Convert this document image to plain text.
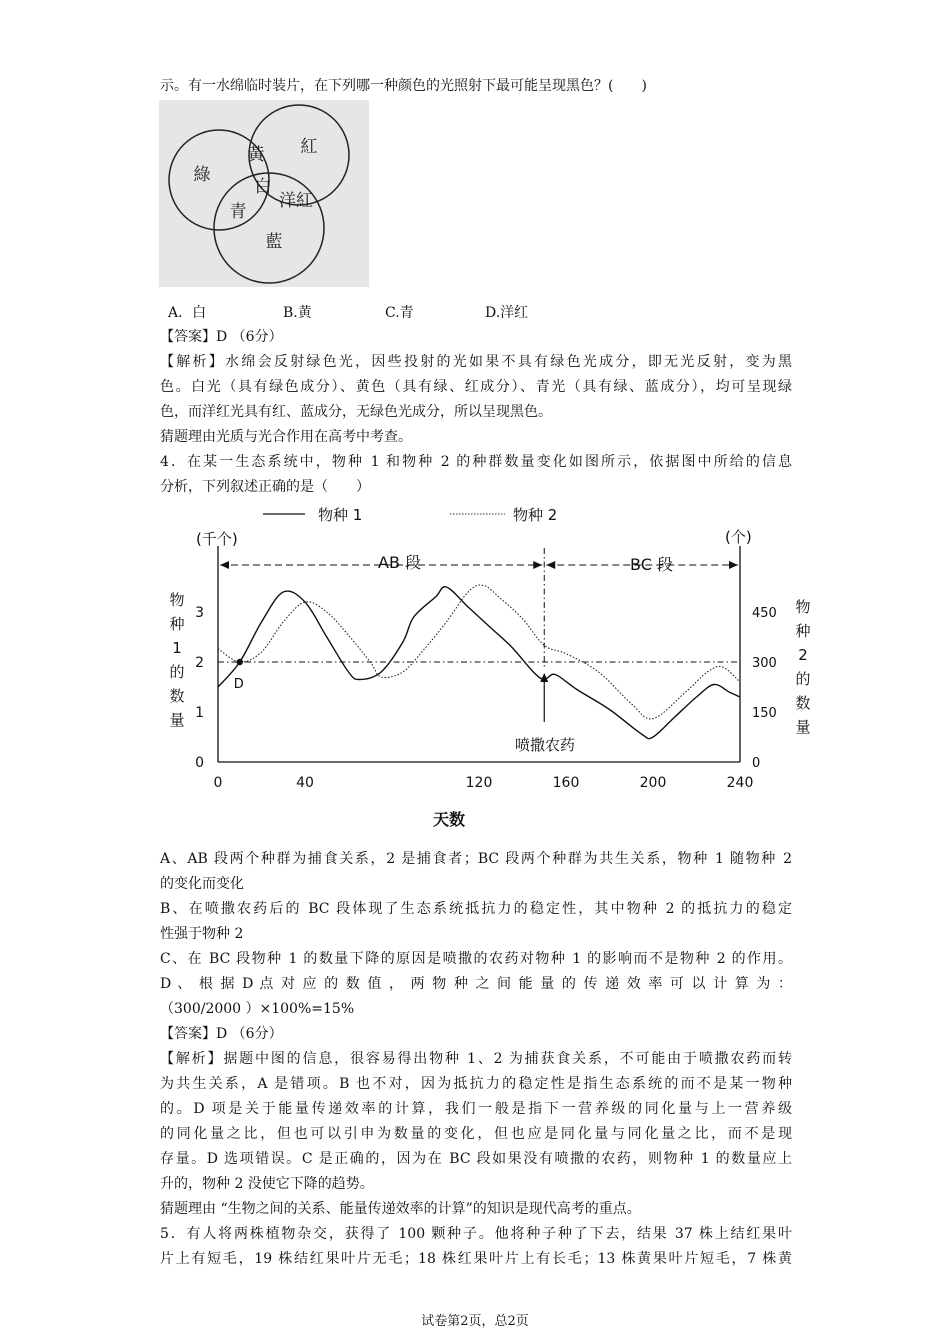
示。有一水绵临时装片，在下列哪一种颜色的光照射下最可能呈现黑色？(　　)
綠
黃 紅
白
青
洋紅
藍
A．白	B.黄	C.青	D.洋红
【答案】D （6分）
【解析】水绵会反射绿色光，因些投射的光如果不具有绿色光成分，即无光反射，变为黑
色。白光（具有绿色成分）、黄色（具有绿、红成分）、青光（具有绿、蓝成分），均可呈现绿
色，而洋红光具有红、蓝成分，无绿色光成分，所以呈现黑色。
猜题理由光质与光合作用在高考中考查。
4．在某一生态系统中，物种 1 和物种 2 的种群数量变化如图所示，依据图中所给的信息
分析，下列叙述正确的是（　　）
物种 1	物种 2
(千个)	(个)
AB 段	BC 段
喷撒农药
天数
0	40	120	160	200	240
0
1
2
3
0
150
300
450
物
种
1
的
数
量
物
种
2
的
数
量
D
A、AB 段两个种群为捕食关系，2 是捕食者；BC 段两个种群为共生关系，物种 1 随物种 2
的变化而变化
B、在喷撒农药后的 BC 段体现了生态系统抵抗力的稳定性，其中物种 2 的抵抗力的稳定
性强于物种 2
C、在 BC 段物种 1 的数量下降的原因是喷撒的农药对物种 1 的影响而不是物种 2 的作用。
D 、 根 据 D 点 对 应 的 数 值 ， 两 物 种 之 间 能 量 的 传 递 效 率 可 以 计 算 为 ：
（300/2000 ）×100%=15%
【答案】D （6分）
【解析】据题中图的信息，很容易得出物种 1、2 为捕获食关系，不可能由于喷撒农药而转
为共生关系，A 是错项。B 也不对，因为抵抗力的稳定性是指生态系统的而不是某一物种
的。D 项是关于能量传递效率的计算，我们一般是指下一营养级的同化量与上一营养级
的同化量之比，但也可以引申为数量的变化，但也应是同化量与同化量之比，而不是现
存量。D 选项错误。C 是正确的，因为在 BC 段如果没有喷撒的农药，则物种 1 的数量应上
升的，物种 2 没使它下降的趋势。
猜题理由 “生物之间的关系、能量传递效率的计算”的知识是现代高考的重点。
5．有人将两株植物杂交，获得了 100 颗种子。他将种子种了下去，结果 37 株上结红果叶
片上有短毛，19 株结红果叶片无毛；18 株红果叶片上有长毛；13 株黄果叶片短毛，7 株黄
试卷第2页，总2页
